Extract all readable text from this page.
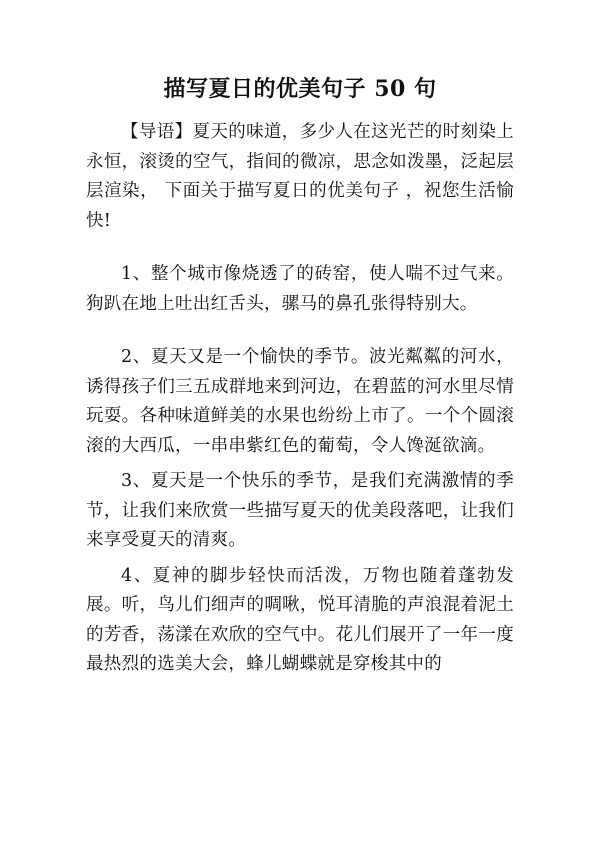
描写夏日的优美句子 50 句

【导语】夏天的味道，多少人在这光芒的时刻染上永恒，滚烫的空气，指间的微凉，思念如泼墨，泛起层层渲染， 下面关于描写夏日的优美句子 ，祝您生活愉快!

1、整个城市像烧透了的砖窑，使人喘不过气来。狗趴在地上吐出红舌头，骡马的鼻孔张得特别大。

2、夏天又是一个愉快的季节。波光粼粼的河水，诱得孩子们三五成群地来到河边，在碧蓝的河水里尽情玩耍。各种味道鲜美的水果也纷纷上市了。一个个圆滚滚的大西瓜，一串串紫红色的葡萄，令人馋涎欲滴。

3、夏天是一个快乐的季节，是我们充满激情的季节，让我们来欣赏一些描写夏天的优美段落吧，让我们来享受夏天的清爽。

4、夏神的脚步轻快而活泼，万物也随着蓬勃发展。听，鸟儿们细声的啁啾，悦耳清脆的声浪混着泥土的芳香，荡漾在欢欣的空气中。花儿们展开了一年一度最热烈的选美大会，蜂儿蝴蝶就是穿梭其中的
